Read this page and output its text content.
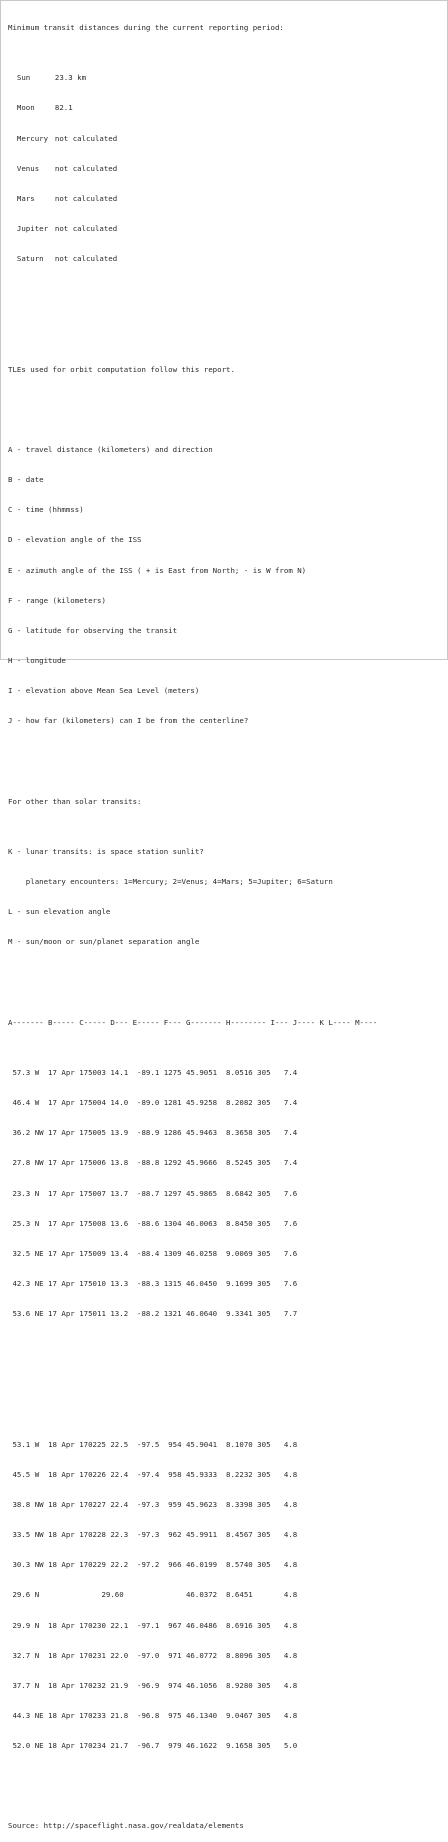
Minimum transit distances during the current reporting period:

Sun	23.3 km

Moon	82.1

Mercury not calculated

Venus not calculated

Mars	not calculated

Jupiter not calculated

Saturn not calculated

TLEs used for orbit computation follow this report.

A - travel distance (kilometers) and direction

B - date

C - time (hhmmss)

D - elevation angle of the ISS

E - azimuth angle of the ISS ( + is East from North; - is W from N)

F - range (kilometers)

G - latitude for observing the transit

H - longitude

I - elevation above Mean Sea Level (meters)

J - how far (kilometers) can I be from the centerline?

For other than solar transits:

K - lunar transits: is space station sunlit?

planetary encounters: 1=Mercury; 2=Venus; 4=Mars; 5=Jupiter; 6=Saturn

L - sun elevation angle

M - sun/moon or sun/planet separation angle

A------- B----- C----- D--- E----- F--- G------- H-------- I--- J---- K L---- M----

57.3 W  17 Apr 175003 14.1  -89.1 1275 45.9051  8.0516 305   7.4

46.4 W  17 Apr 175004 14.0  -89.0 1281 45.9258  8.2082 305   7.4

36.2 NW 17 Apr 175005 13.9  -88.9 1286 45.9463  8.3658 305   7.4

27.8 NW 17 Apr 175006 13.8  -88.8 1292 45.9666  8.5245 305   7.4

23.3 N  17 Apr 175007 13.7  -88.7 1297 45.9865  8.6842 305   7.6

25.3 N  17 Apr 175008 13.6  -88.6 1304 46.0063  8.8450 305   7.6

32.5 NE 17 Apr 175009 13.4  -88.4 1309 46.0258  9.0069 305   7.6

42.3 NE 17 Apr 175010 13.3  -88.3 1315 46.0450  9.1699 305   7.6

53.6 NE 17 Apr 175011 13.2  -88.2 1321 46.0640  9.3341 305   7.7

53.1 W  18 Apr 170225 22.5  -97.5  954 45.9041  8.1070 305   4.8

45.5 W  18 Apr 170226 22.4  -97.4  958 45.9333  8.2232 305   4.8

38.8 NW 18 Apr 170227 22.4  -97.3  959 45.9623  8.3398 305   4.8

33.5 NW 18 Apr 170228 22.3  -97.3  962 45.9911  8.4567 305   4.8

30.3 NW 18 Apr 170229 22.2  -97.2  966 46.0199  8.5740 305   4.8

29.6 N              29.60              46.0372  8.6451       4.8

29.9 N  18 Apr 170230 22.1  -97.1  967 46.0486  8.6916 305   4.8

32.7 N  18 Apr 170231 22.0  -97.0  971 46.0772  8.8096 305   4.8

37.7 N  18 Apr 170232 21.9  -96.9  974 46.1056  8.9280 305   4.8

44.3 NE 18 Apr 170233 21.8  -96.8  975 46.1340  9.0467 305   4.8

52.0 NE 18 Apr 170234 21.7  -96.7  979 46.1622  9.1658 305   5.0

Source: http://spaceflight.nasa.gov/realdata/elements
